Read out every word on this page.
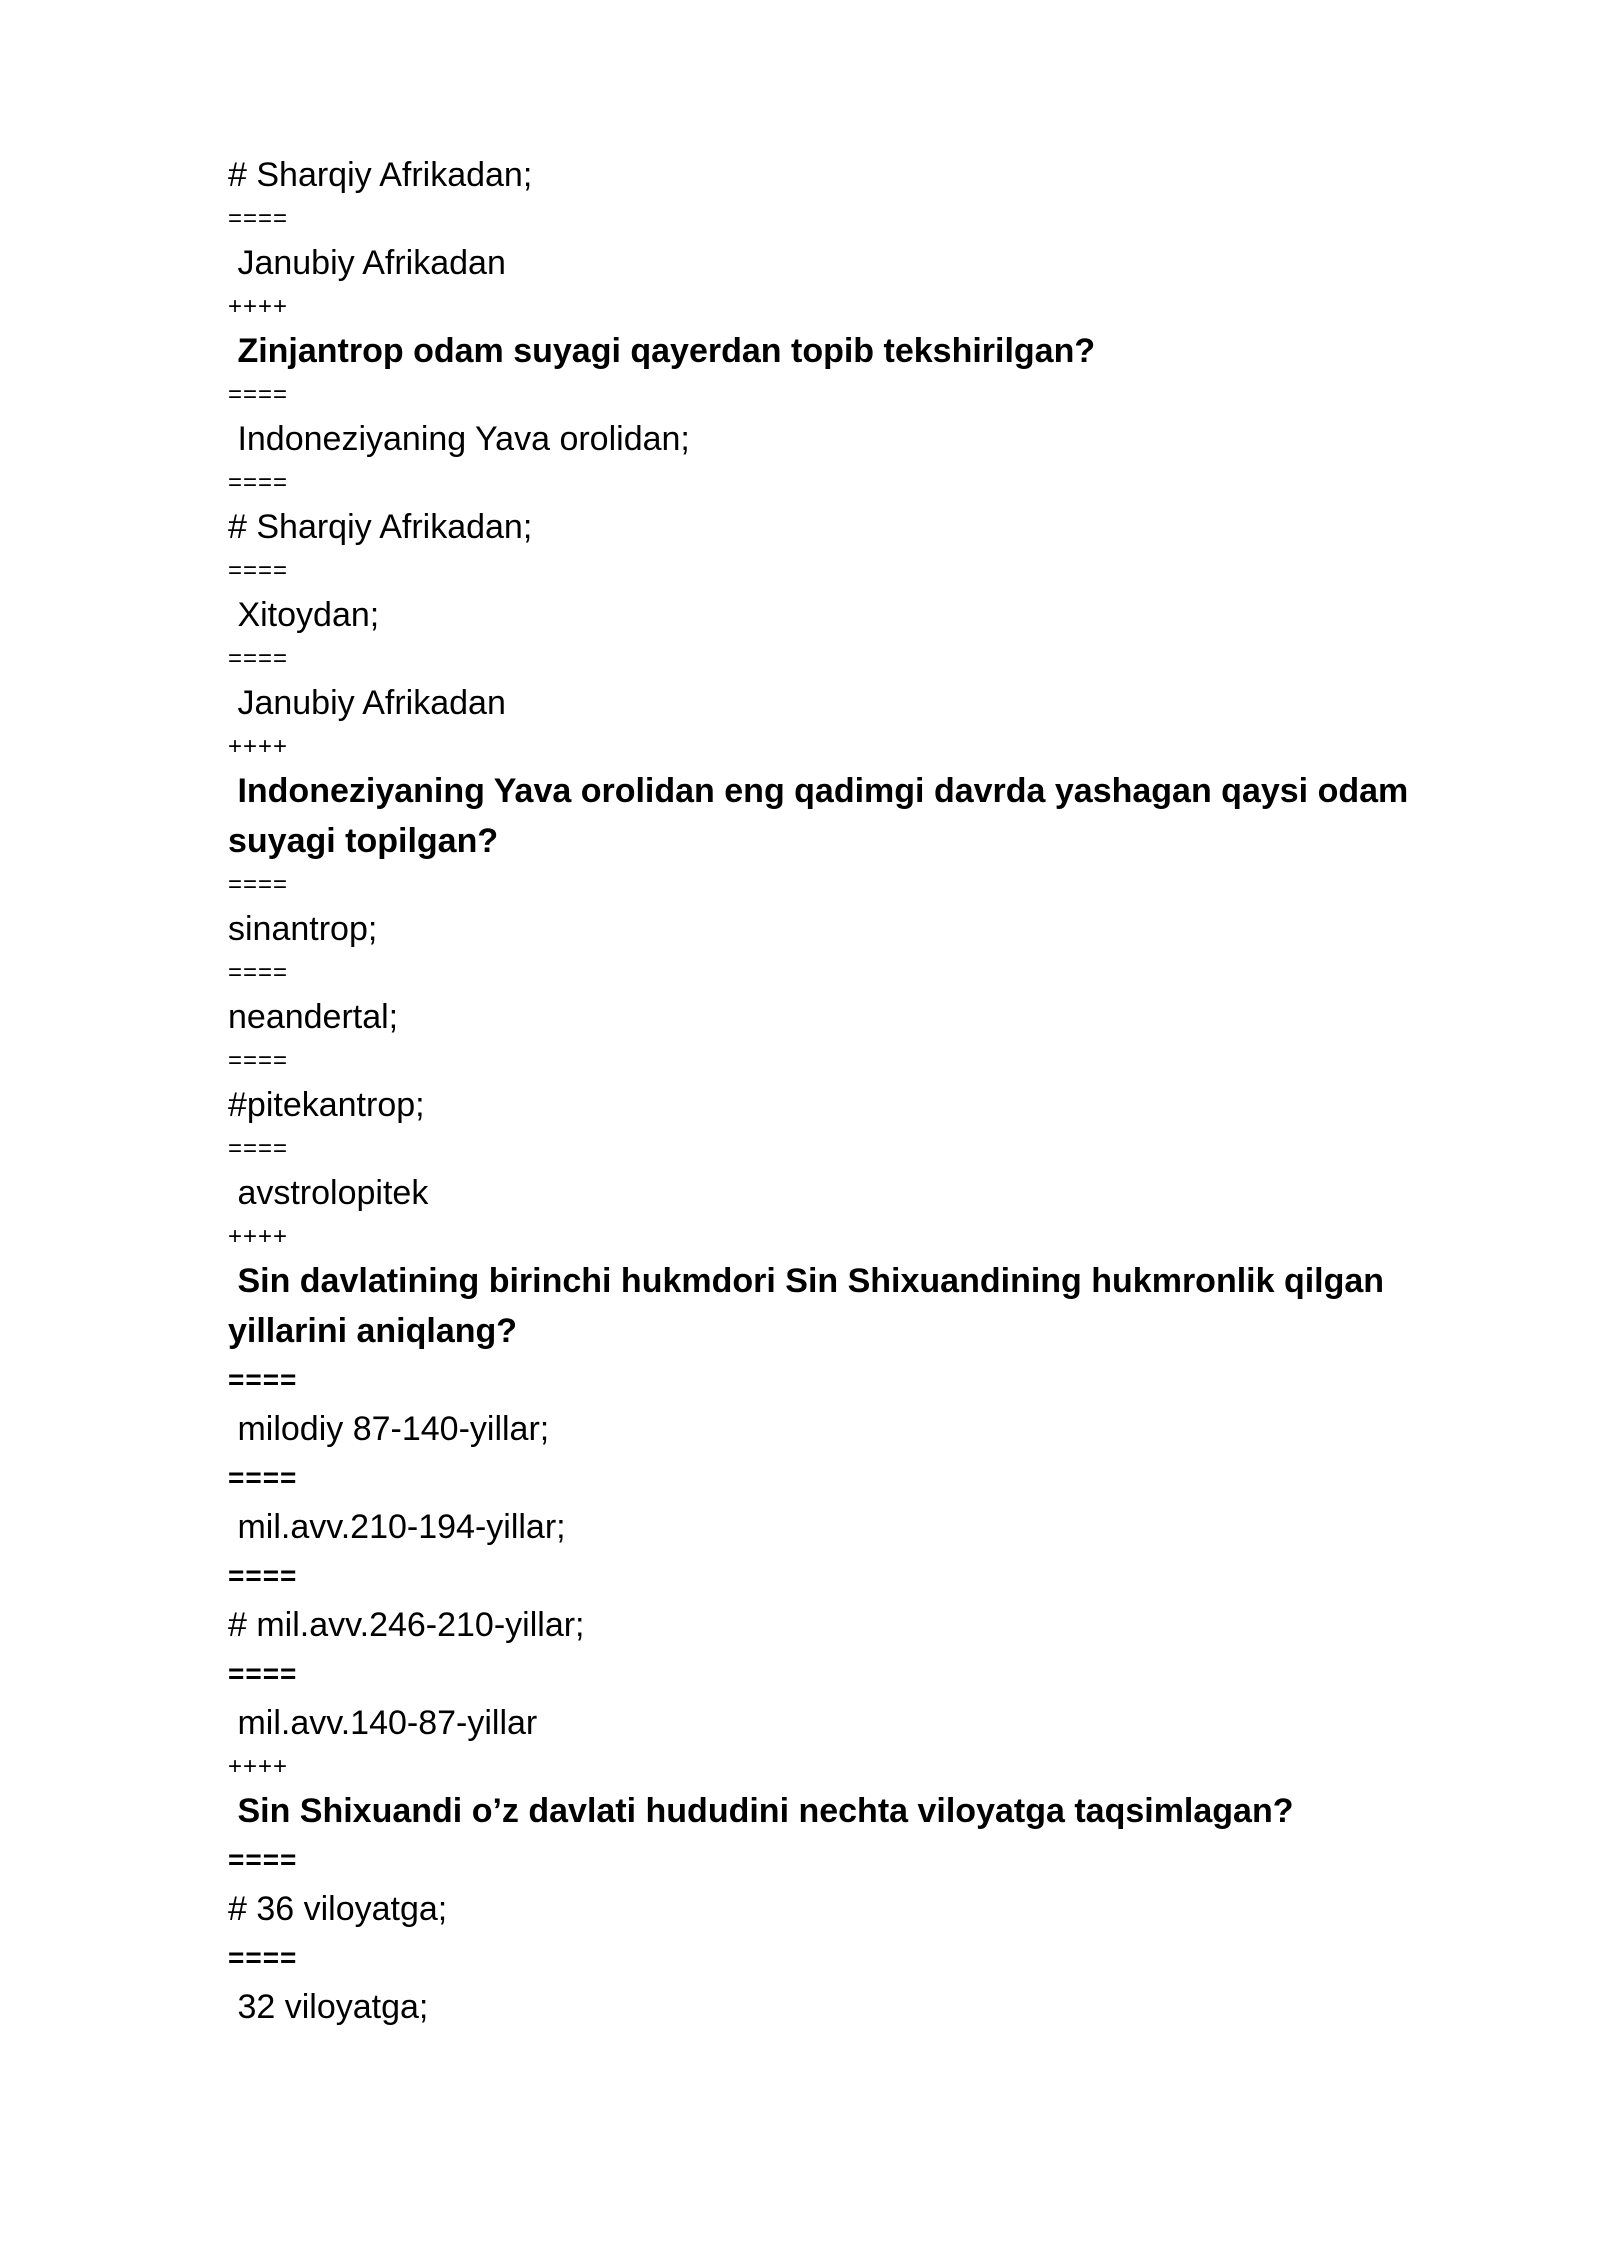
# Sharqiy Afrikadan;
====
Janubiy Afrikadan
++++
Zinjantrop odam suyagi qayerdan topib tekshirilgan?
====
Indoneziyaning Yava orolidan;
====
# Sharqiy Afrikadan;
====
Xitoydan;
====
Janubiy Afrikadan
++++
Indoneziyaning Yava orolidan eng qadimgi davrda yashagan qaysi odam suyagi topilgan?
====
sinantrop;
====
neandertal;
====
#pitekantrop;
====
avstrolopitek
++++
Sin davlatining birinchi hukmdori Sin Shixuandining hukmronlik qilgan yillarini aniqlang?
====
milodiy 87-140-yillar;
====
mil.avv.210-194-yillar;
====
# mil.avv.246-210-yillar;
====
mil.avv.140-87-yillar
++++
Sin Shixuandi o’z davlati hududini nechta viloyatga taqsimlagan?
====
# 36 viloyatga;
====
32 viloyatga;
